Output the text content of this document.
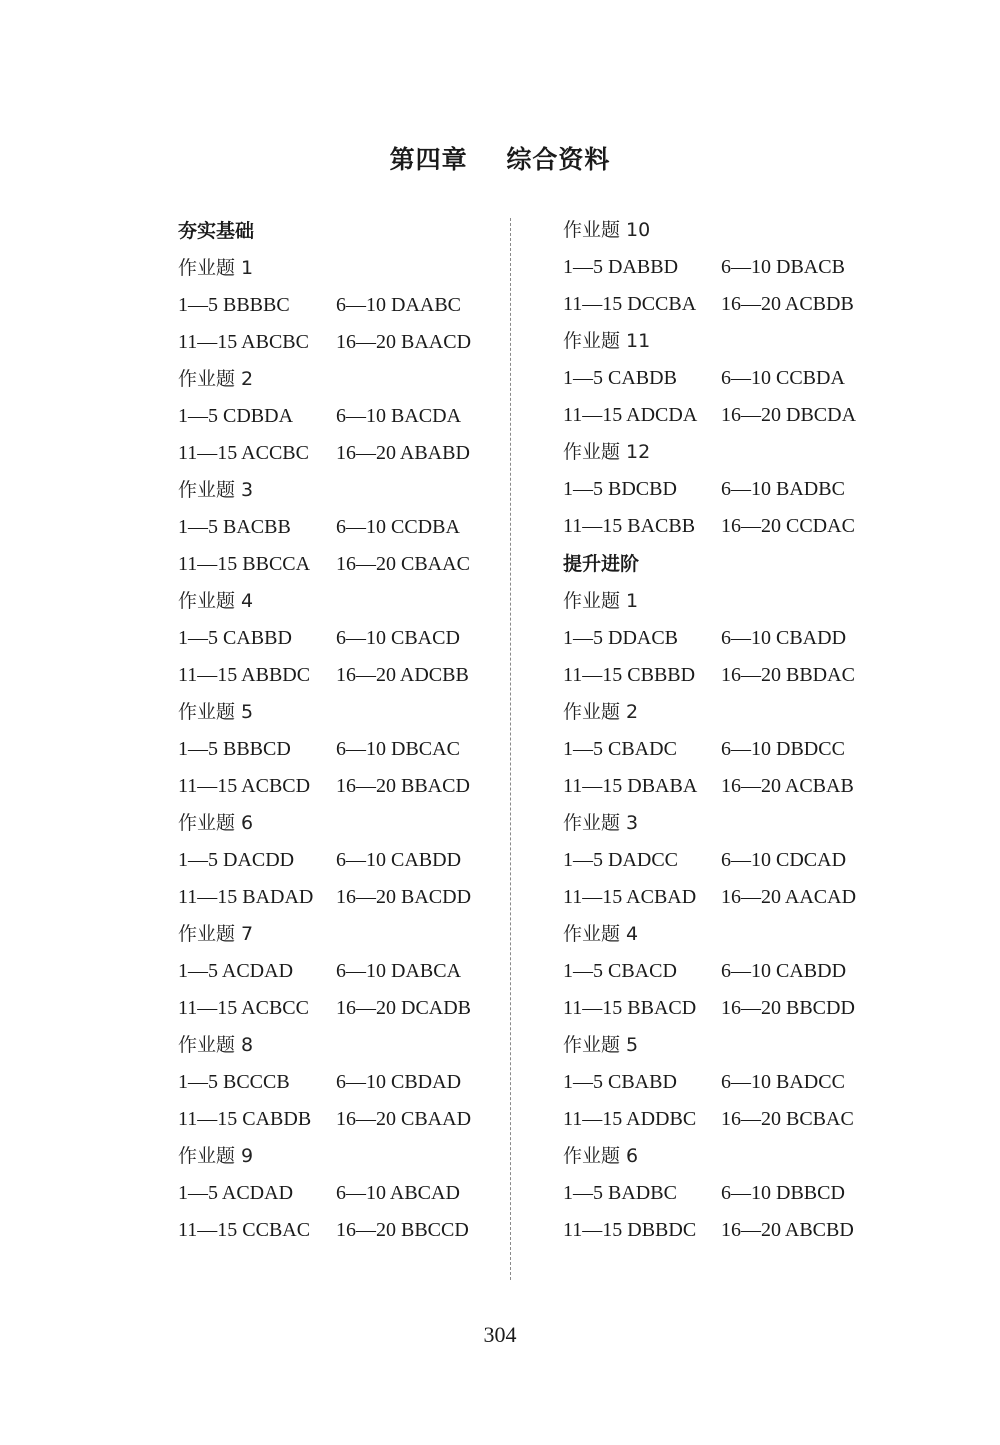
第四章    综合资料
夯实基础
作业题 1
1—5 BBBBC	6—10 DAABC
11—15 ABCBC	16—20 BAACD
作业题 2
1—5 CDBDA	6—10 BACDA
11—15 ACCBC	16—20 ABABD
作业题 3
1—5 BACBB	6—10 CCDBA
11—15 BBCCA	16—20 CBAAC
作业题 4
1—5 CABBD	6—10 CBACD
11—15 ABBDC	16—20 ADCBB
作业题 5
1—5 BBBCD	6—10 DBCAC
11—15 ACBCD	16—20 BBACD
作业题 6
1—5 DACDD	6—10 CABDD
11—15 BADAD	16—20 BACDD
作业题 7
1—5 ACDAD	6—10 DABCA
11—15 ACBCC	16—20 DCADB
作业题 8
1—5 BCCCB	6—10 CBDAD
11—15 CABDB	16—20 CBAAD
作业题 9
1—5 ACDAD	6—10 ABCAD
11—15 CCBAC	16—20 BBCCD
作业题 10
1—5 DABBD	6—10 DBACB
11—15 DCCBA	16—20 ACBDB
作业题 11
1—5 CABDB	6—10 CCBDA
11—15 ADCDA	16—20 DBCDA
作业题 12
1—5 BDCBD	6—10 BADBC
11—15 BACBB	16—20 CCDAC
提升进阶
作业题 1
1—5 DDACB	6—10 CBADD
11—15 CBBBD	16—20 BBDAC
作业题 2
1—5 CBADC	6—10 DBDCC
11—15 DBABA	16—20 ACBAB
作业题 3
1—5 DADCC	6—10 CDCAD
11—15 ACBAD	16—20 AACAD
作业题 4
1—5 CBACD	6—10 CABDD
11—15 BBACD	16—20 BBCDD
作业题 5
1—5 CBABD	6—10 BADCC
11—15 ADDBC	16—20 BCBAC
作业题 6
1—5 BADBC	6—10 DBBCD
11—15 DBBDC	16—20 ABCBD
304
